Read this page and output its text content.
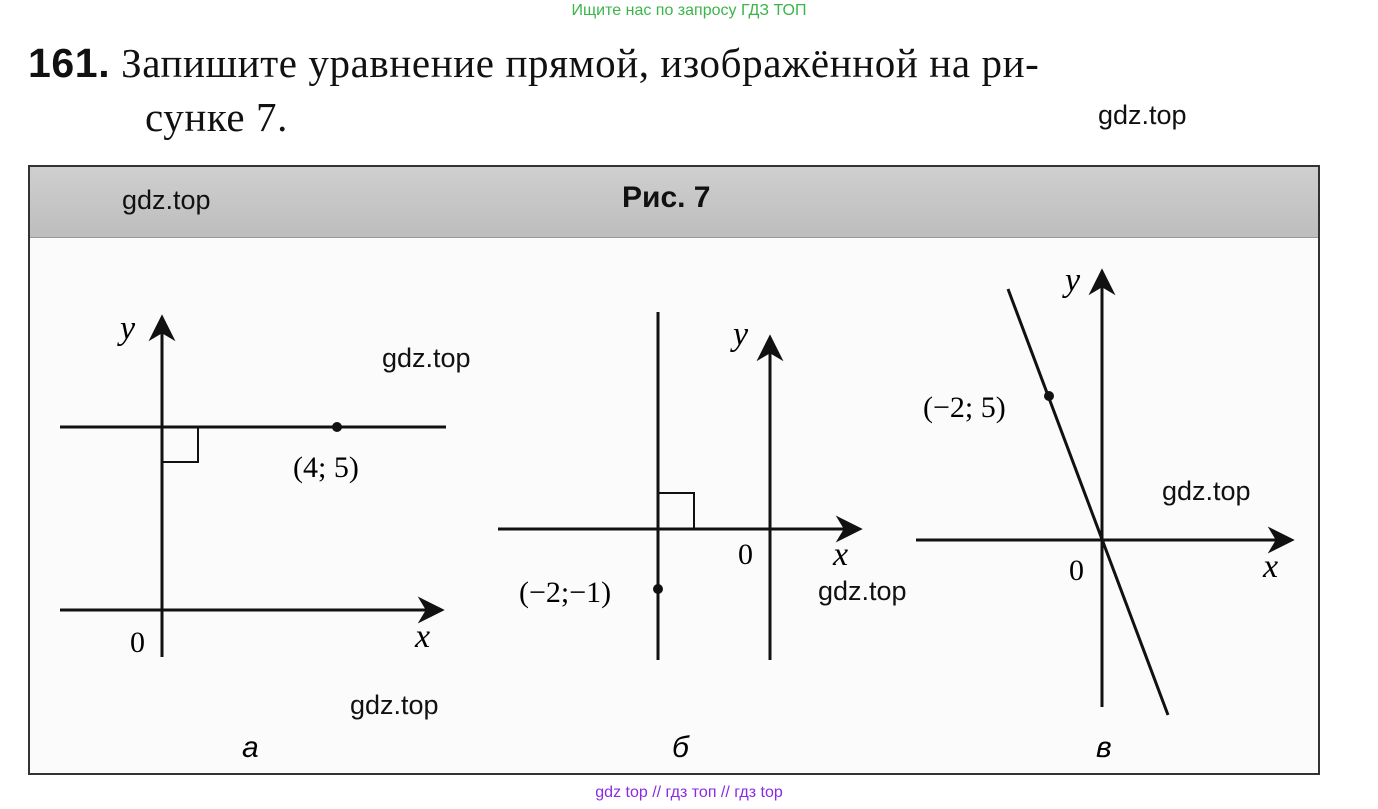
Ищите нас по запросу ГДЗ ТОП
161. Запишите уравнение прямой, изображённой на ри-
сунке 7.
Рис. 7
y
x
0
(4; 5)
а
y
x
0
(−2;−1)
б
y
x
0
(−2; 5)
в
gdz.top
gdz.top
gdz.top
gdz.top
gdz.top
gdz.top
gdz top // гдз топ // гдз top
